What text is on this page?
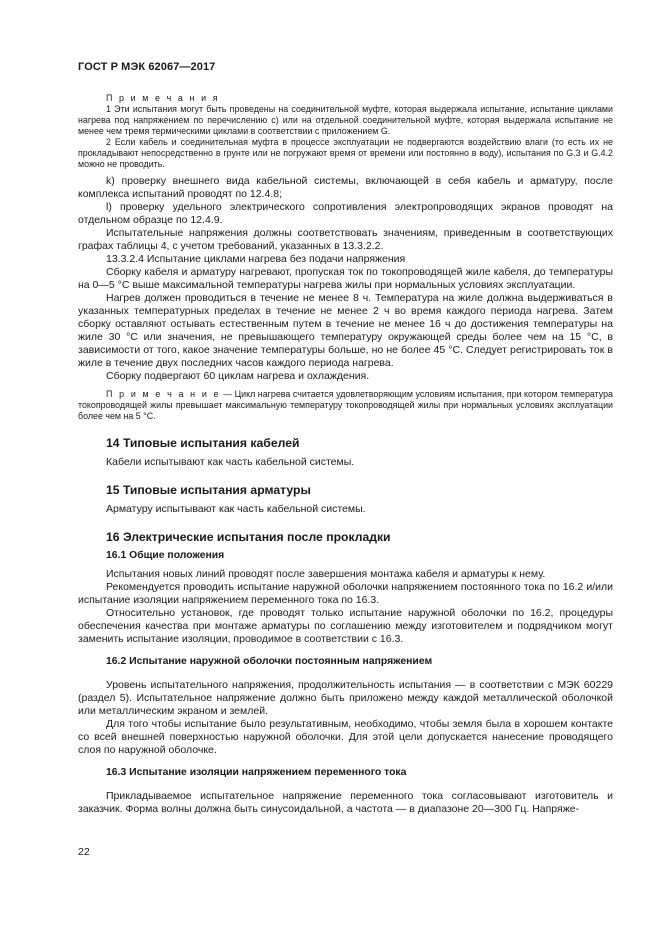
ГОСТ Р МЭК 62067—2017
П р и м е ч а н и я

1 Эти испытания могут быть проведены на соединительной муфте, которая выдержала испытание, испытание циклами нагрева под напряжением по перечислению с) или на отдельной соединительной муфте, которая выдержала испытание не менее чем тремя термическими циклами в соответствии с приложением G.

2 Если кабель и соединительная муфта в процессе эксплуатации не подвергаются воздействию влаги (то есть их не прокладывают непосредственно в грунте или не погружают время от времени или постоянно в воду), испытания по G.3 и G.4.2 можно не проводить.

k) проверку внешнего вида кабельной системы, включающей в себя кабель и арматуру, после комплекса испытаний проводят по 12.4.8;

l) проверку удельного электрического сопротивления электропроводящих экранов проводят на отдельном образце по 12.4.9.

Испытательные напряжения должны соответствовать значениям, приведенным в соответствующих графах таблицы 4, с учетом требований, указанных в 13.3.2.2.

13.3.2.4 Испытание циклами нагрева без подачи напряжения

Сборку кабеля и арматуру нагревают, пропуская ток по токопроводящей жиле кабеля, до температуры на 0—5 °C выше максимальной температуры нагрева жилы при нормальных условиях эксплуатации.

Нагрев должен проводиться в течение не менее 8 ч. Температура на жиле должна выдерживаться в указанных температурных пределах в течение не менее 2 ч во время каждого периода нагрева. Затем сборку оставляют остывать естественным путем в течение не менее 16 ч до достижения температуры на жиле 30 °C или значения, не превышающего температуру окружающей среды более чем на 15 °C, в зависимости от того, какое значение температуры больше, но не более 45 °C. Следует регистрировать ток в жиле в течение двух последних часов каждого периода нагрева.

Сборку подвергают 60 циклам нагрева и охлаждения.

П р и м е ч а н и е — Цикл нагрева считается удовлетворяющим условиям испытания, при котором температура токопроводящей жилы превышает максимальную температуру токопроводящей жилы при нормальных условиях эксплуатации более чем на 5 °C.
14 Типовые испытания кабелей

Кабели испытывают как часть кабельной системы.

15 Типовые испытания арматуры

Арматуру испытывают как часть кабельной системы.

16 Электрические испытания после прокладки
16.1 Общие положения

Испытания новых линий проводят после завершения монтажа кабеля и арматуры к нему.

Рекомендуется проводить испытание наружной оболочки напряжением постоянного тока по 16.2 и/или испытание изоляции напряжением переменного тока по 16.3.

Относительно установок, где проводят только испытание наружной оболочки по 16.2, процедуры обеспечения качества при монтаже арматуры по соглашению между изготовителем и подрядчиком могут заменить испытание изоляции, проводимое в соответствии с 16.3.

16.2 Испытание наружной оболочки постоянным напряжением

Уровень испытательного напряжения, продолжительность испытания — в соответствии с МЭК 60229 (раздел 5). Испытательное напряжение должно быть приложено между каждой металлической оболочкой или металлическим экраном и землей.

Для того чтобы испытание было результативным, необходимо, чтобы земля была в хорошем контакте со всей внешней поверхностью наружной оболочки. Для этой цели допускается нанесение проводящего слоя по наружной оболочке.

16.3 Испытание изоляции напряжением переменного тока

Прикладываемое испытательное напряжение переменного тока согласовывают изготовитель и заказчик. Форма волны должна быть синусоидальной, а частота — в диапазоне 20—300 Гц. Напряже-

22
